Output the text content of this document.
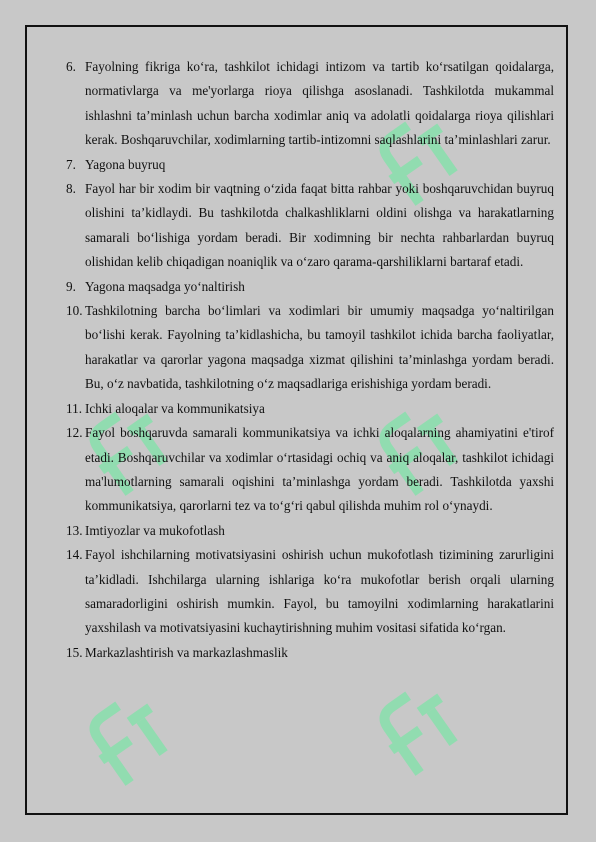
6. Fayolning fikriga ko‘ra, tashkilot ichidagi intizom va tartib ko‘rsatilgan qoidalarga, normativlarga va me'yorlarga rioya qilishga asoslanadi. Tashkilotda mukammal ishlashni ta’minlash uchun barcha xodimlar aniq va adolatli qoidalarga rioya qilishlari kerak. Boshqaruvchilar, xodimlarning tartib-intizomni saqlashlarini ta’minlashlari zarur.
7. Yagona buyruq
8. Fayol har bir xodim bir vaqtning o‘zida faqat bitta rahbar yoki boshqaruvchidan buyruq olishini ta’kidlaydi. Bu tashkilotda chalkashliklarni oldini olishga va harakatlarning samarali bo‘lishiga yordam beradi. Bir xodimning bir nechta rahbarlardan buyruq olishidan kelib chiqadigan noaniqlik va o‘zaro qarama-qarshiliklarni bartaraf etadi.
9. Yagona maqsadga yo‘naltirish
10. Tashkilotning barcha bo‘limlari va xodimlari bir umumiy maqsadga yo‘naltirilgan bo‘lishi kerak. Fayolning ta’kidlashicha, bu tamoyil tashkilot ichida barcha faoliyatlar, harakatlar va qarorlar yagona maqsadga xizmat qilishini ta’minlashga yordam beradi. Bu, o‘z navbatida, tashkilotning o‘z maqsadlariga erishishiga yordam beradi.
11. Ichki aloqalar va kommunikatsiya
12. Fayol boshqaruvda samarali kommunikatsiya va ichki aloqalarning ahamiyatini e'tirof etadi. Boshqaruvchilar va xodimlar o‘rtasidagi ochiq va aniq aloqalar, tashkilot ichidagi ma'lumotlarning samarali oqishini ta’minlashga yordam beradi. Tashkilotda yaxshi kommunikatsiya, qarorlarni tez va to‘g‘ri qabul qilishda muhim rol o‘ynaydi.
13. Imtiyozlar va mukofotlash
14. Fayol ishchilarning motivatsiyasini oshirish uchun mukofotlash tizimining zarurligini ta’kidladi. Ishchilarga ularning ishlariga ko‘ra mukofotlar berish orqali ularning samaradorligini oshirish mumkin. Fayol, bu tamoyilni xodimlarning harakatlarini yaxshilash va motivatsiyasini kuchaytirishning muhim vositasi sifatida ko‘rgan.
15. Markazlashtirish va markazlashmaslik
